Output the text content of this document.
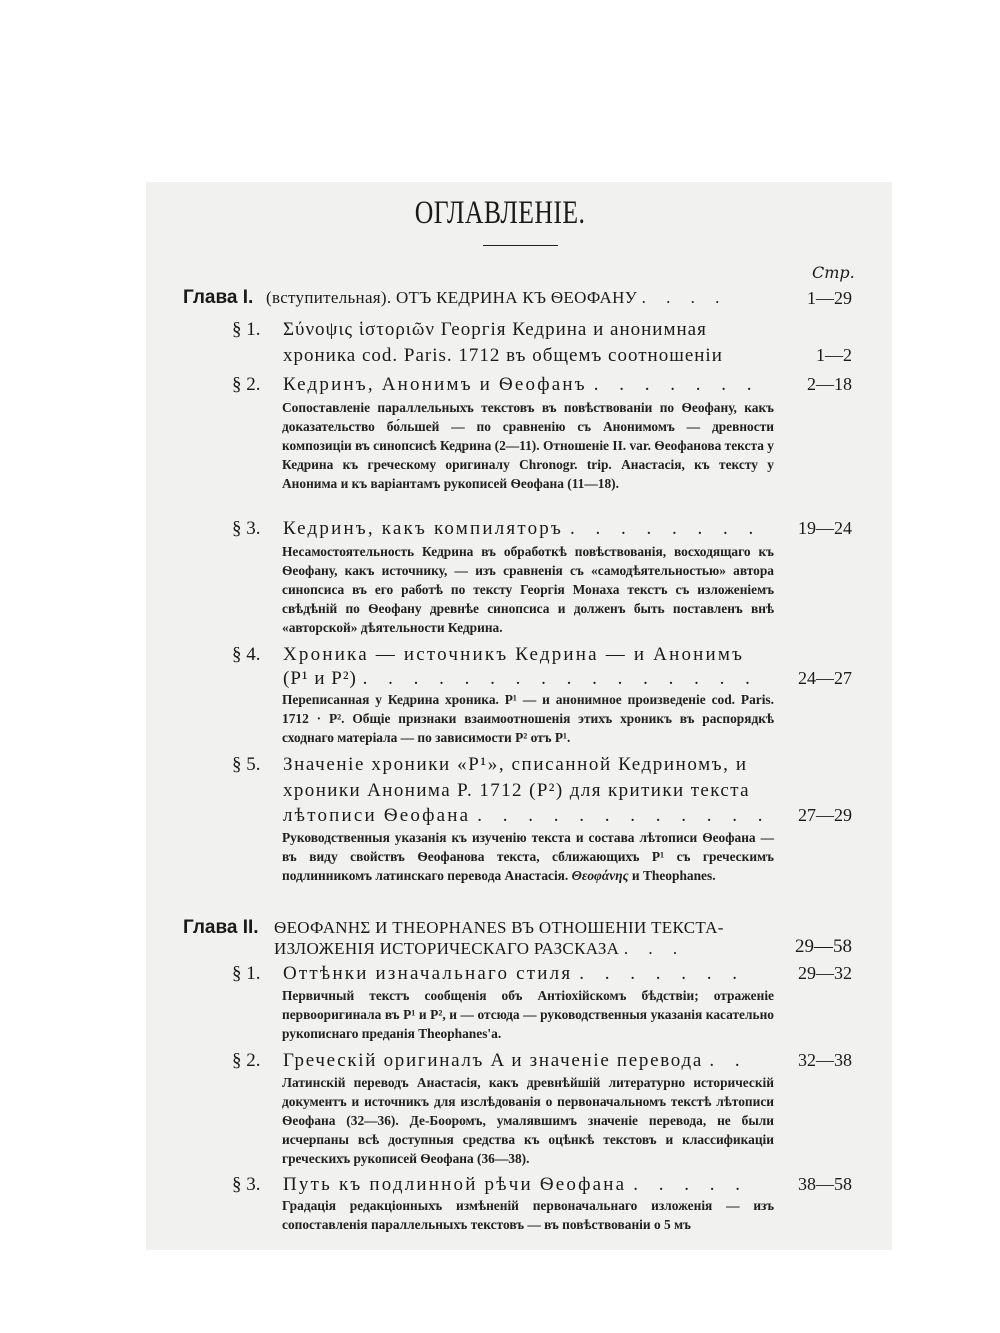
ОГЛАВЛЕНІЕ.
Стр.
Глава I. (вступительная). ОТЪ КЕДРИНА КЪ ѲЕОФАНУ . . . .	1—29
§ 1. Σύνοψις ἱστοριῶν Георгія Кедрина и анонимная
хроника cod. Paris. 1712 въ общемъ соотношеніи	1—2
§ 2. Кедринъ, Анонимъ и Ѳеофанъ . . . . . . .	2—18
Сопоставленіе параллельныхъ текстовъ въ повѣствованіи по Ѳеофану, какъ доказательство бо́льшей — по сравненію съ Анонимомъ — древности композиціи въ синопсисѣ Кедрина (2—11). Отношеніе II. var. Ѳеофанова текста у Кедрина къ греческому оригиналу Chronogr. trip. Анастасія, къ тексту у Анонима и къ варіантамъ рукописей Ѳеофана (11—18).
§ 3. Кедринъ, какъ компиляторъ . . . . . . . .	19—24
Несамостоятельность Кедрина въ обработкѣ повѣствованія, восходящаго къ Ѳеофану, какъ источнику, — изъ сравненія съ «самодѣятельностью» автора синопсиса въ его работѣ по тексту Георгія Монаха текстъ съ изложеніемъ свѣдѣній по Ѳеофану древнѣе синопсиса и долженъ быть поставленъ внѣ «авторской» дѣятельности Кедрина.
§ 4. Хроника — источникъ Кедрина — и Анонимъ
(P¹ и P²) . . . . . . . . . . . . . . . .	24—27
Переписанная у Кедрина хроника. P¹ — и анонимное произведеніе cod. Paris. 1712 · P². Общіе признаки взаимоотношенія этихъ хроникъ въ распорядкѣ сходнаго матеріала — по зависимости P² отъ P¹.
§ 5. Значеніе хроники «P¹», списанной Кедриномъ, и
хроники Анонима P. 1712 (P²) для критики текста
лѣтописи Ѳеофана . . . . . . . . . . . .	27—29
Руководственныя указанія къ изученію текста и состава лѣтописи Ѳеофана — въ виду свойствъ Ѳеофанова текста, сближающихъ P¹ съ греческимъ подлинникомъ латинскаго перевода Анастасія. Θεοφάνης и Theophanes.
Глава II. ѲЕОФАNНΣ И THEOPHANES ВЪ ОТНОШЕНІИ ТЕКСТА-
ИЗЛОЖЕНІЯ ИСТОРИЧЕСКАГО РАЗСКАЗА . . .	29—58
§ 1. Оттѣнки изначальнаго стиля . . . . . . .	29—32
Первичный текстъ сообщенія объ Антіохійскомъ бѣдствіи; отраженіе первооригинала въ P¹ и P², и — отсюда — руководственныя указанія касательно рукописнаго преданія Theophanes'а.
§ 2. Греческій оригиналъ A и значеніе перевода . .	32—38
Латинскій переводъ Анастасія, какъ древнѣйшій литературно историческій документъ и источникъ для изслѣдованія о первоначальномъ текстѣ лѣтописи Ѳеофана (32—36). Де-Бооромъ, умалявшимъ значеніе перевода, не были исчерпаны всѣ доступныя средства къ оцѣнкѣ текстовъ и классификаціи греческихъ рукописей Ѳеофана (36—38).
§ 3. Путь къ подлинной рѣчи Ѳеофана . . . . .	38—58
Градація редакціонныхъ измѣненій первоначальнаго изложенія — изъ сопоставленія параллельныхъ текстовъ — въ повѣствованіи о 5 мъ
